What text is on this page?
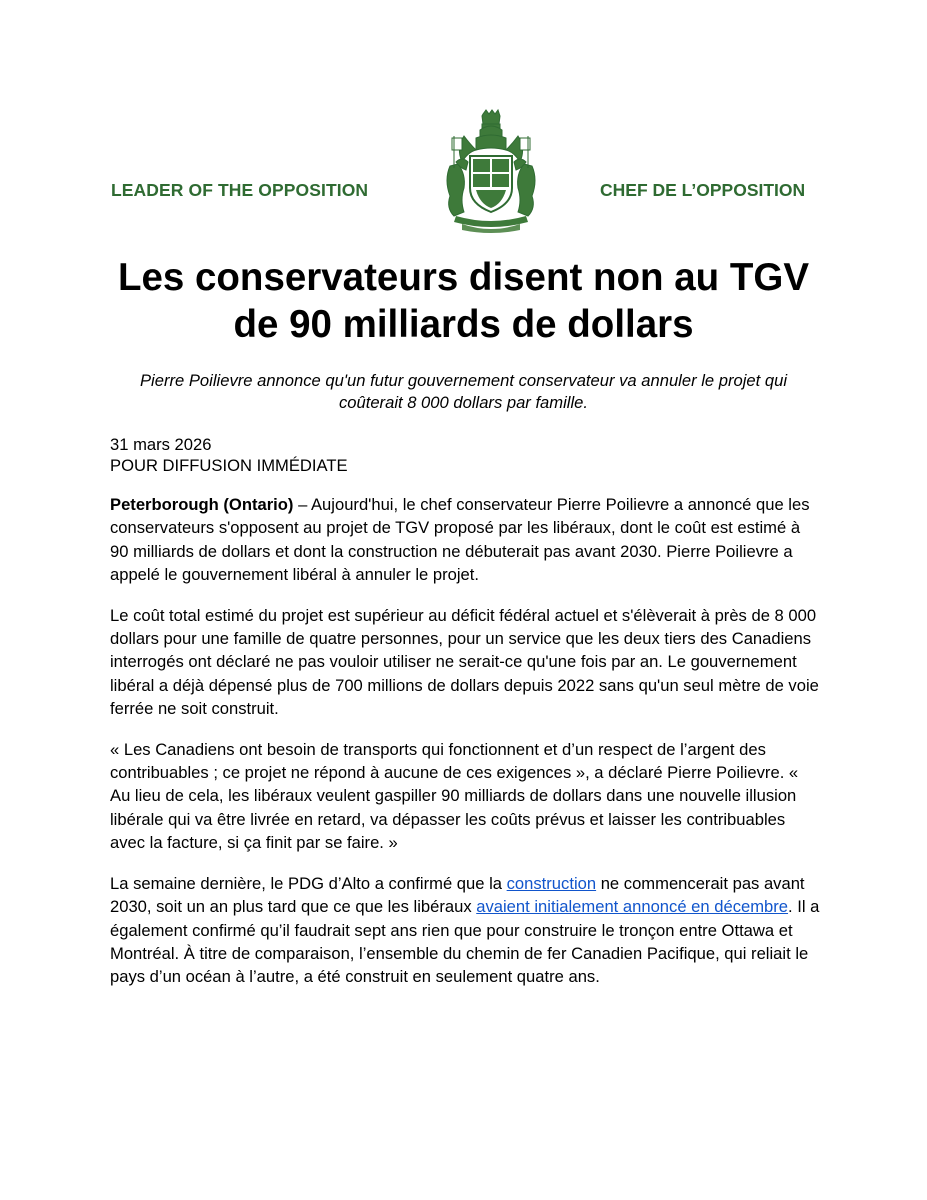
LEADER OF THE OPPOSITION	CHEF DE L’OPPOSITION
Les conservateurs disent non au TGV
de 90 milliards de dollars

Pierre Poilievre annonce qu'un futur gouvernement conservateur va annuler le projet qui
coûterait 8 000 dollars par famille.

31 mars 2026
POUR DIFFUSION IMMÉDIATE

Peterborough (Ontario) – Aujourd'hui, le chef conservateur Pierre Poilievre a annoncé que les conservateurs s'opposent au projet de TGV proposé par les libéraux, dont le coût est estimé à 90 milliards de dollars et dont la construction ne débuterait pas avant 2030. Pierre Poilievre a appelé le gouvernement libéral à annuler le projet.

Le coût total estimé du projet est supérieur au déficit fédéral actuel et s'élèverait à près de 8 000 dollars pour une famille de quatre personnes, pour un service que les deux tiers des Canadiens interrogés ont déclaré ne pas vouloir utiliser ne serait-ce qu'une fois par an. Le gouvernement libéral a déjà dépensé plus de 700 millions de dollars depuis 2022 sans qu'un seul mètre de voie ferrée ne soit construit.

« Les Canadiens ont besoin de transports qui fonctionnent et d’un respect de l’argent des contribuables ; ce projet ne répond à aucune de ces exigences », a déclaré Pierre Poilievre. « Au lieu de cela, les libéraux veulent gaspiller 90 milliards de dollars dans une nouvelle illusion libérale qui va être livrée en retard, va dépasser les coûts prévus et laisser les contribuables avec la facture, si ça finit par se faire. »

La semaine dernière, le PDG d’Alto a confirmé que la construction ne commencerait pas avant 2030, soit un an plus tard que ce que les libéraux avaient initialement annoncé en décembre. Il a également confirmé qu’il faudrait sept ans rien que pour construire le tronçon entre Ottawa et Montréal. À titre de comparaison, l’ensemble du chemin de fer Canadien Pacifique, qui reliait le pays d’un océan à l’autre, a été construit en seulement quatre ans.
